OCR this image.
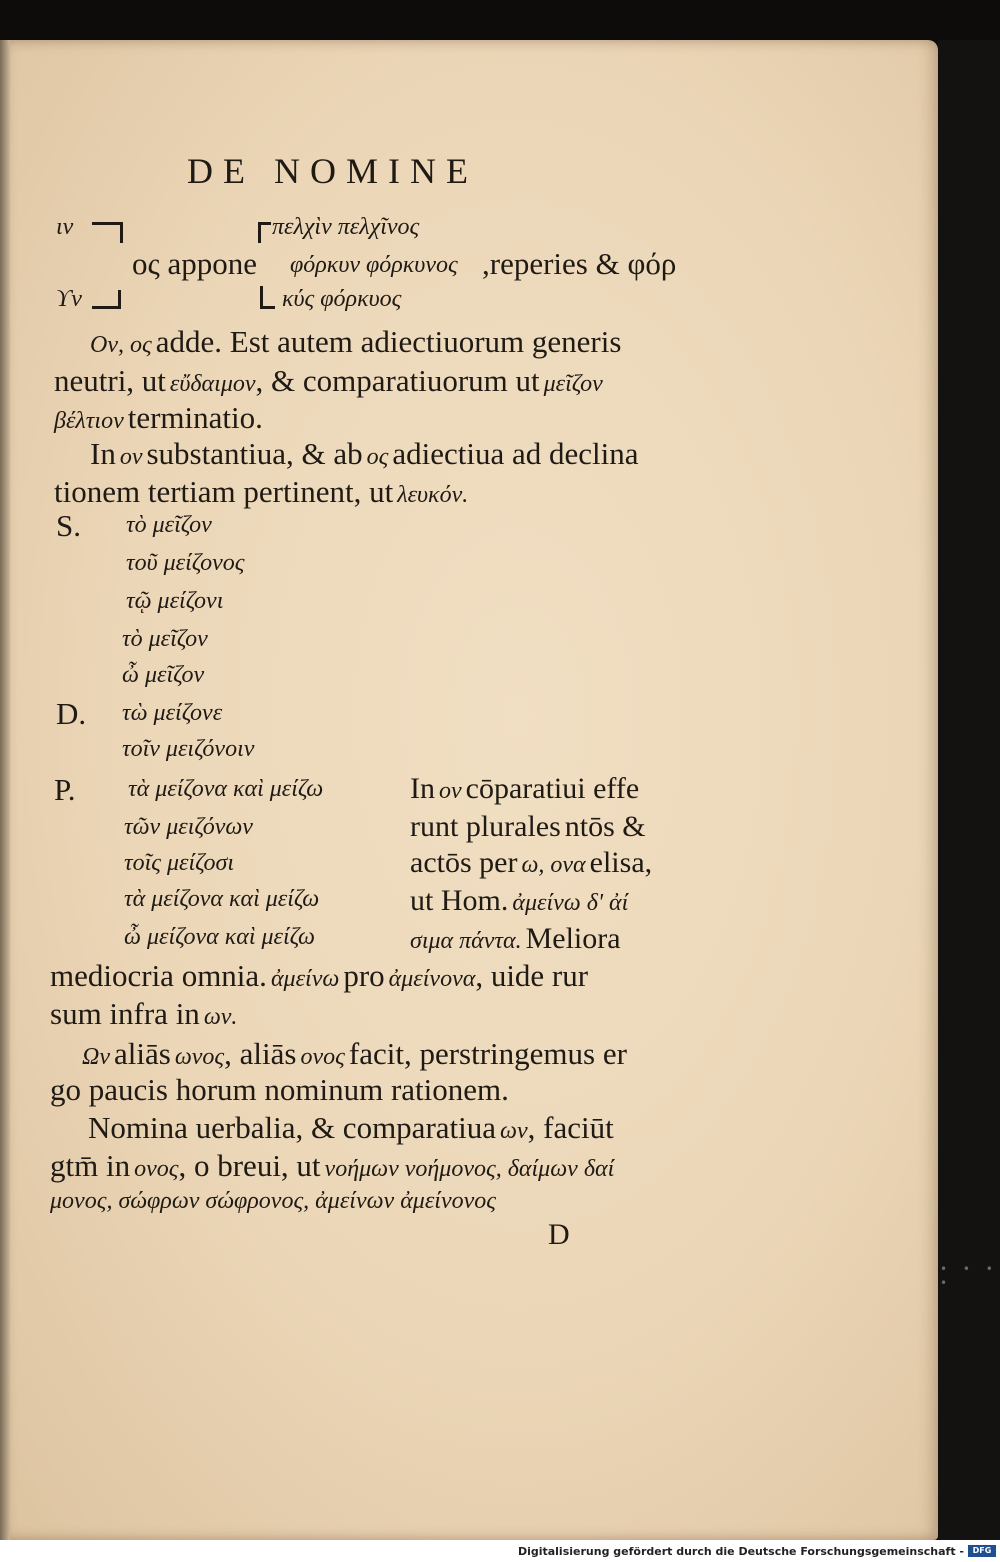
• • • •
DE NOMINE
ιν	πελχὶν πελχῖνος
ος appone φόρκυν φόρκυνος ,reperies & φόρ
ϒν	κύς φόρκυος
Ον, ος adde. Est autem adiectiuorum generis
neutri, ut εὔδαιμον, & comparatiuorum ut μεῖζον
βέλτιον terminatio.
In ον substantiua, & ab ος adiectiua ad declina
tionem tertiam pertinent, ut λευκόν.
S. τὸ μεῖζον
τοῦ μείζονος
τῷ μείζονι
τὸ μεῖζον
ὦ μεῖζον
D. τὼ μείζονε
τοῖν μειζόνοιν
P. τὰ μείζονα καὶ μείζω
τῶν μειζόνων
τοῖς μείζοσι
τὰ μείζονα καὶ μείζω
ὦ μείζονα καὶ μείζω
In ον cōparatiui effe
runt plurales ntōs &
actōs per ω, ονα elisa,
ut Hom. ἀμείνω δ' ἀί
σιμα πάντα. Meliora
mediocria omnia. ἀμείνω pro ἀμείνονα, uide rur
sum infra in ων.
Ων aliās ωνος, aliās ονος facit, perstringemus er
go paucis horum nominum rationem.
Nomina uerbalia, & comparatiua ων, faciūt
gtm̄ in ονος, o breui, ut νοήμων νοήμονος, δαίμων δαί
μονος, σώφρων σώφρονος, ἀμείνων ἀμείνονος
D
Digitalisierung gefördert durch die Deutsche Forschungsgemeinschaft -	DFG
